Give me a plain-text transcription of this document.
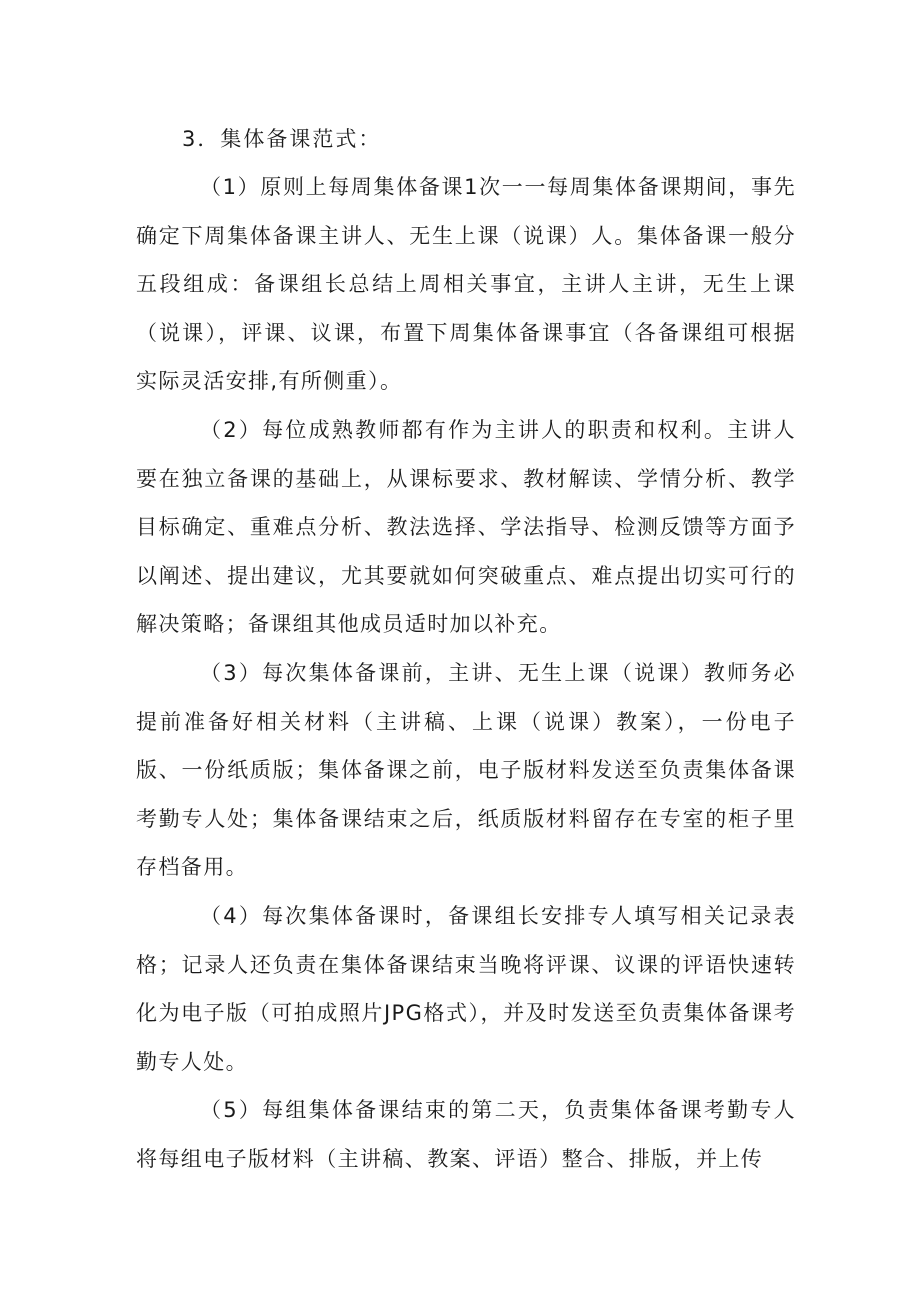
3．集体备课范式：

（1）原则上每周集体备课1次一一每周集体备课期间，事先确定下周集体备课主讲人、无生上课（说课）人。集体备课一般分五段组成：备课组长总结上周相关事宜，主讲人主讲，无生上课（说课），评课、议课，布置下周集体备课事宜（各备课组可根据实际灵活安排,有所侧重）。

（2）每位成熟教师都有作为主讲人的职责和权利。主讲人要在独立备课的基础上，从课标要求、教材解读、学情分析、教学目标确定、重难点分析、教法选择、学法指导、检测反馈等方面予以阐述、提出建议，尤其要就如何突破重点、难点提出切实可行的解决策略；备课组其他成员适时加以补充。

（3）每次集体备课前，主讲、无生上课（说课）教师务必提前准备好相关材料（主讲稿、上课（说课）教案），一份电子版、一份纸质版；集体备课之前，电子版材料发送至负责集体备课考勤专人处；集体备课结束之后，纸质版材料留存在专室的柜子里存档备用。

（4）每次集体备课时，备课组长安排专人填写相关记录表格；记录人还负责在集体备课结束当晚将评课、议课的评语快速转化为电子版（可拍成照片JPG格式），并及时发送至负责集体备课考勤专人处。

（5）每组集体备课结束的第二天，负责集体备课考勤专人将每组电子版材料（主讲稿、教案、评语）整合、排版，并上传
